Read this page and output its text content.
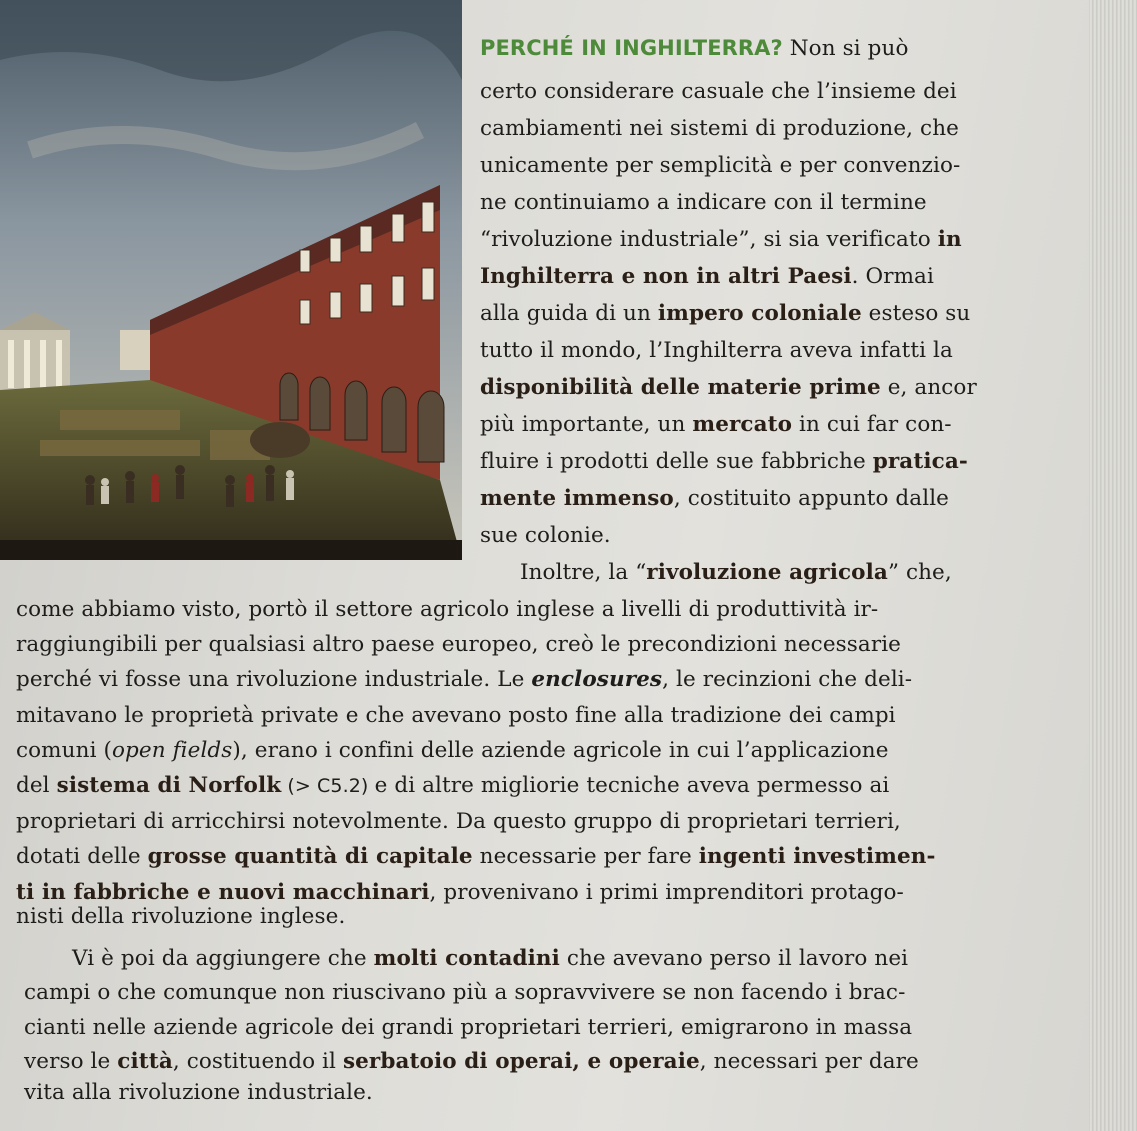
PERCHÉ IN INGHILTERRA? Non si può
certo considerare casuale che l’insieme dei
cambiamenti nei sistemi di produzione, che
unicamente per semplicità e per convenzio-
ne continuiamo a indicare con il termine
“rivoluzione industriale”, si sia verificato in
Inghilterra e non in altri Paesi. Ormai
alla guida di un impero coloniale esteso su
tutto il mondo, l’Inghilterra aveva infatti la
disponibilità delle materie prime e, ancor
più importante, un mercato in cui far con-
fluire i prodotti delle sue fabbriche pratica-
mente immenso, costituito appunto dalle
sue colonie.
Inoltre, la “rivoluzione agricola” che,
come abbiamo visto, portò il settore agricolo inglese a livelli di produttività ir-
raggiungibili per qualsiasi altro paese europeo, creò le precondizioni necessarie
perché vi fosse una rivoluzione industriale. Le enclosures, le recinzioni che deli-
mitavano le proprietà private e che avevano posto fine alla tradizione dei campi
comuni (open fields), erano i confini delle aziende agricole in cui l’applicazione
del sistema di Norfolk (> C5.2) e di altre migliorie tecniche aveva permesso ai
proprietari di arricchirsi notevolmente. Da questo gruppo di proprietari terrieri,
dotati delle grosse quantità di capitale necessarie per fare ingenti investimen-
ti in fabbriche e nuovi macchinari, provenivano i primi imprenditori protago-
nisti della rivoluzione inglese.
Vi è poi da aggiungere che molti contadini che avevano perso il lavoro nei
campi o che comunque non riuscivano più a sopravvivere se non facendo i brac-
cianti nelle aziende agricole dei grandi proprietari terrieri, emigrarono in massa
verso le città, costituendo il serbatoio di operai, e operaie, necessari per dare
vita alla rivoluzione industriale.
